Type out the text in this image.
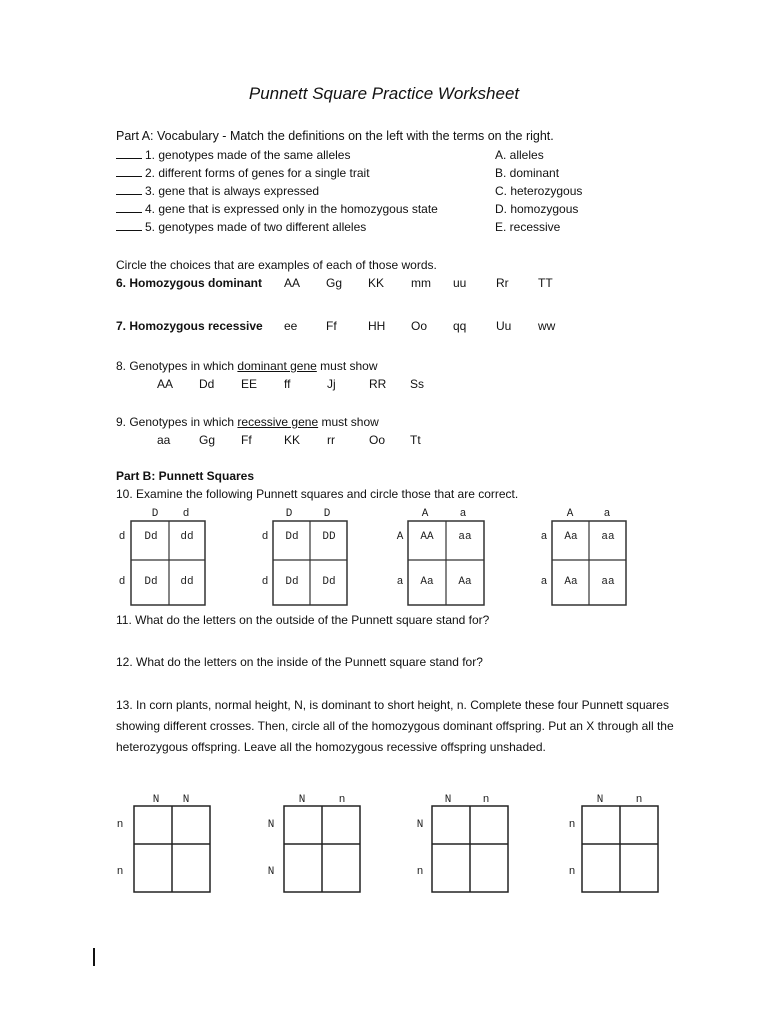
Punnett Square Practice Worksheet
Part A: Vocabulary - Match the definitions on the left with the terms on the right.
1. genotypes made of the same alleles	A. alleles
2. different forms of genes for a single trait	B. dominant
3. gene that is always expressed	C. heterozygous
4. gene that is expressed only in the homozygous state	D. homozygous
5. genotypes made of two different alleles	E. recessive
Circle the choices that are examples of each of those words.
6. Homozygous dominant AA Gg KK mm uu Rr TT
7. Homozygous recessive ee Ff	HH Oo qq Uu ww
8. Genotypes in which dominant gene must show
AA Dd EE ff	Jj	RR Ss
9. Genotypes in which recessive gene must show
aa Gg Ff	KK rr	Oo Tt
Part B: Punnett Squares
10. Examine the following Punnett squares and circle those that are correct.
D d
d
d
Dd dd
Dd dd
D	D
d
d
Dd DD
Dd Dd
A	a
A
a
AA aa
Aa Aa
A	a
a
a
Aa aa
Aa aa
11. What do the letters on the outside of the Punnett square stand for?
12. What do the letters on the inside of the Punnett square stand for?
13. In corn plants, normal height, N, is dominant to short height, n. Complete these four Punnett squares
showing different crosses. Then, circle all of the homozygous dominant offspring. Put an X through all the
heterozygous offspring. Leave all the homozygous recessive offspring unshaded.
N N
n
n
N	n
N
N
N	n
N
n
N	n
n
n
